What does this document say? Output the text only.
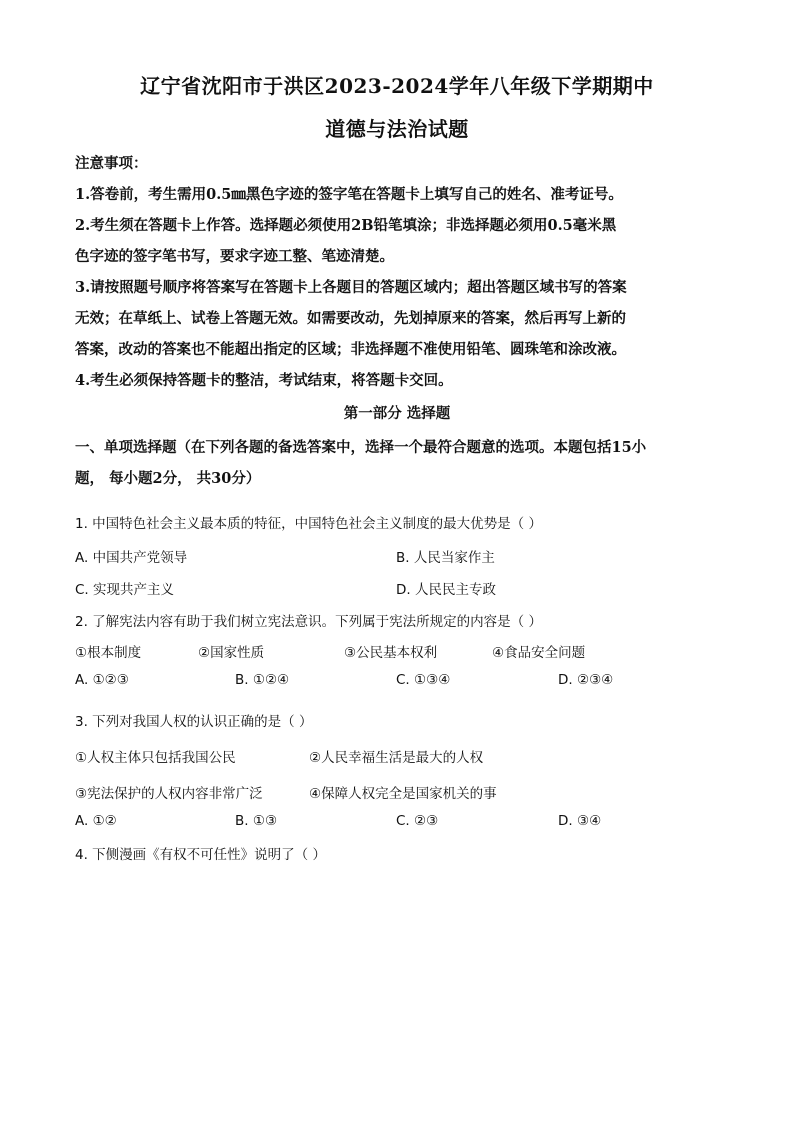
辽宁省沈阳市于洪区2023-2024学年八年级下学期期中
道德与法治试题
注意事项：
1.答卷前，考生需用0.5㎜黑色字迹的签字笔在答题卡上填写自己的姓名、准考证号。
2.考生须在答题卡上作答。选择题必须使用2B铅笔填涂；非选择题必须用0.5毫米黑
色字迹的签字笔书写，要求字迹工整、笔迹清楚。
3.请按照题号顺序将答案写在答题卡上各题目的答题区域内；超出答题区域书写的答案
无效；在草纸上、试卷上答题无效。如需要改动，先划掉原来的答案，然后再写上新的
答案，改动的答案也不能超出指定的区域；非选择题不准使用铅笔、圆珠笔和涂改液。
4.考生必须保持答题卡的整洁，考试结束，将答题卡交回。
第一部分 选择题
一、单项选择题（在下列各题的备选答案中，选择一个最符合题意的选项。本题包括15小
题， 每小题2分， 共30分）
1. 中国特色社会主义最本质的特征，中国特色社会主义制度的最大优势是（ ）
A. 中国共产党领导	B. 人民当家作主
C. 实现共产主义	D. 人民民主专政
2. 了解宪法内容有助于我们树立宪法意识。下列属于宪法所规定的内容是（ ）
①根本制度	②国家性质	③公民基本权利	④食品安全问题
A. ①②③	B. ①②④	C. ①③④	D. ②③④
3. 下列对我国人权的认识正确的是（ ）
①人权主体只包括我国公民	②人民幸福生活是最大的人权
③宪法保护的人权内容非常广泛	④保障人权完全是国家机关的事
A. ①②	B. ①③	C. ②③	D. ③④
4. 下侧漫画《有权不可任性》说明了（ ）
